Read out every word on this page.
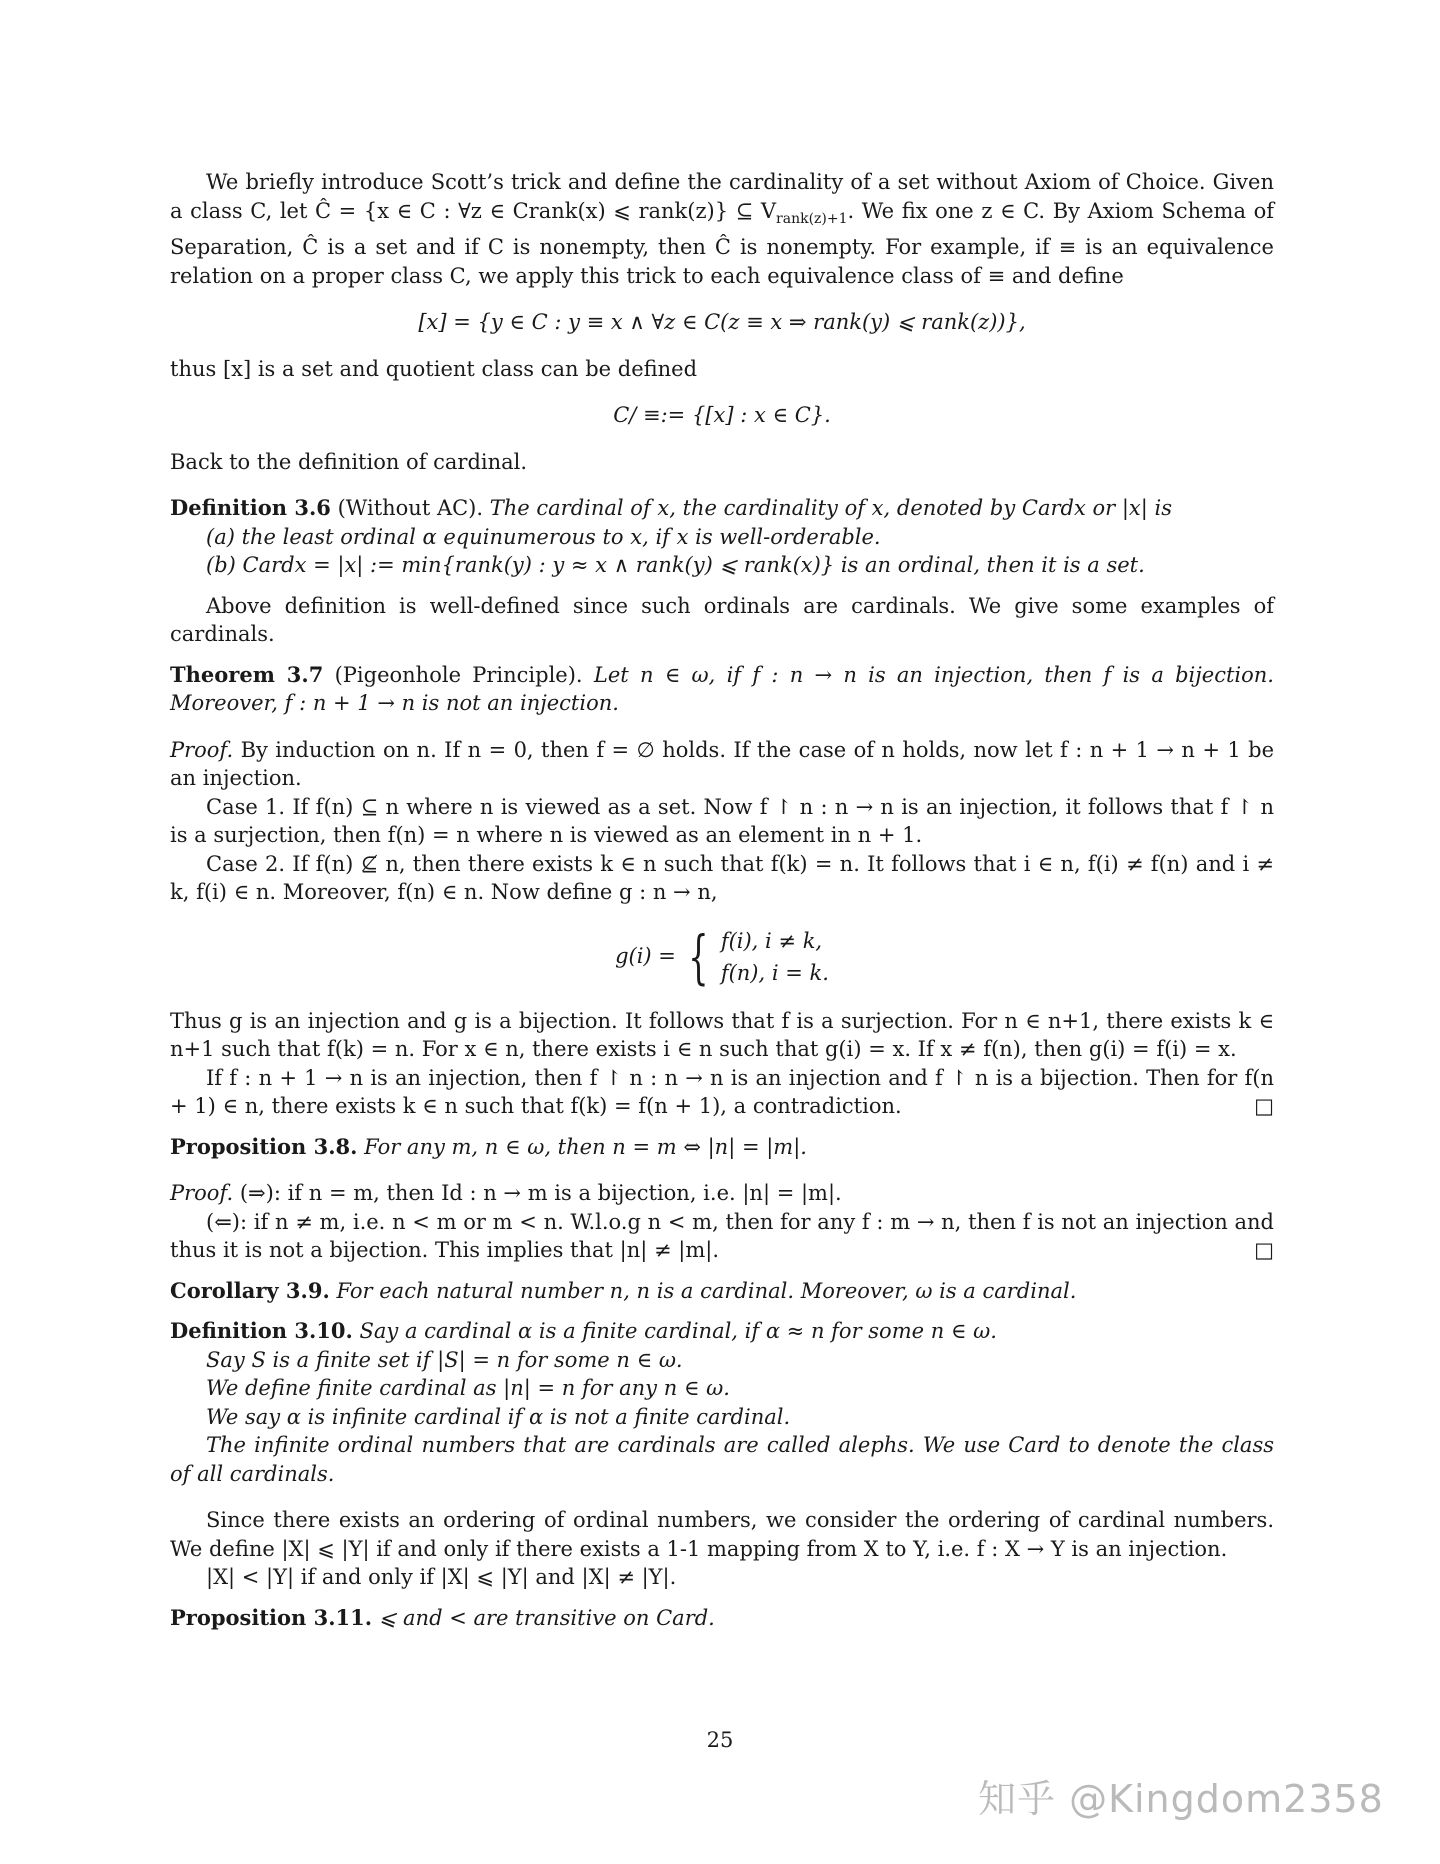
We briefly introduce Scott’s trick and define the cardinality of a set without Axiom of Choice. Given a class C, let Ĉ = {x ∈ C : ∀z ∈ Crank(x) ⩽ rank(z)} ⊆ $V_{rank(z)+1}$. We fix one z ∈ C. By Axiom Schema of Separation, Ĉ is a set and if C is nonempty, then Ĉ is nonempty. For example, if ≡ is an equivalence relation on a proper class C, we apply this trick to each equivalence class of ≡ and define

[x] = {y ∈ C : y ≡ x ∧ ∀z ∈ C(z ≡ x ⇒ rank(y) ⩽ rank(z))},

thus [x] is a set and quotient class can be defined

C/ ≡:= {[x] : x ∈ C}.

Back to the definition of cardinal.

Definition 3.6 (Without AC). The cardinal of x, the cardinality of x, denoted by Cardx or |x| is

(a) the least ordinal α equinumerous to x, if x is well-orderable.

(b) Cardx = |x| := min{rank(y) : y ≈ x ∧ rank(y) ⩽ rank(x)} is an ordinal, then it is a set.

Above definition is well-defined since such ordinals are cardinals. We give some examples of cardinals.

Theorem 3.7 (Pigeonhole Principle). Let n ∈ ω, if f : n → n is an injection, then f is a bijection. Moreover, f : n + 1 → n is not an injection.

Proof. By induction on n. If n = 0, then f = ∅ holds. If the case of n holds, now let f : n + 1 → n + 1 be an injection.

Case 1. If f(n) ⊆ n where n is viewed as a set. Now f ↾ n : n → n is an injection, it follows that f ↾ n is a surjection, then f(n) = n where n is viewed as an element in n + 1.

Case 2. If f(n) ⊈ n, then there exists k ∈ n such that f(k) = n. It follows that i ∈ n, f(i) ≠ f(n) and i ≠ k, f(i) ∈ n. Moreover, f(n) ∈ n. Now define g : n → n,

g(i) = { f(i), i ≠ k,
f(n), i = k.

Thus g is an injection and g is a bijection. It follows that f is a surjection. For n ∈ n+1, there exists k ∈ n+1 such that f(k) = n. For x ∈ n, there exists i ∈ n such that g(i) = x. If x ≠ f(n), then g(i) = f(i) = x.

If f : n + 1 → n is an injection, then f ↾ n : n → n is an injection and f ↾ n is a bijection. Then for f(n + 1) ∈ n, there exists k ∈ n such that f(k) = f(n + 1), a contradiction.	□

Proposition 3.8. For any m, n ∈ ω, then n = m ⇔ |n| = |m|.

Proof. (⇒): if n = m, then Id : n → m is a bijection, i.e. |n| = |m|.

(⇐): if n ≠ m, i.e. n < m or m < n. W.l.o.g n < m, then for any f : m → n, then f is not an injection and thus it is not a bijection. This implies that |n| ≠ |m|.	□

Corollary 3.9. For each natural number n, n is a cardinal. Moreover, ω is a cardinal.

Definition 3.10. Say a cardinal α is a finite cardinal, if α ≈ n for some n ∈ ω.

Say S is a finite set if |S| = n for some n ∈ ω.

We define finite cardinal as |n| = n for any n ∈ ω.

We say α is infinite cardinal if α is not a finite cardinal.

The infinite ordinal numbers that are cardinals are called alephs. We use Card to denote the class of all cardinals.

Since there exists an ordering of ordinal numbers, we consider the ordering of cardinal numbers. We define |X| ⩽ |Y| if and only if there exists a 1-1 mapping from X to Y, i.e. f : X → Y is an injection.

|X| < |Y| if and only if |X| ⩽ |Y| and |X| ≠ |Y|.

Proposition 3.11. ⩽ and < are transitive on Card.

25
知乎 @Kingdom2358
